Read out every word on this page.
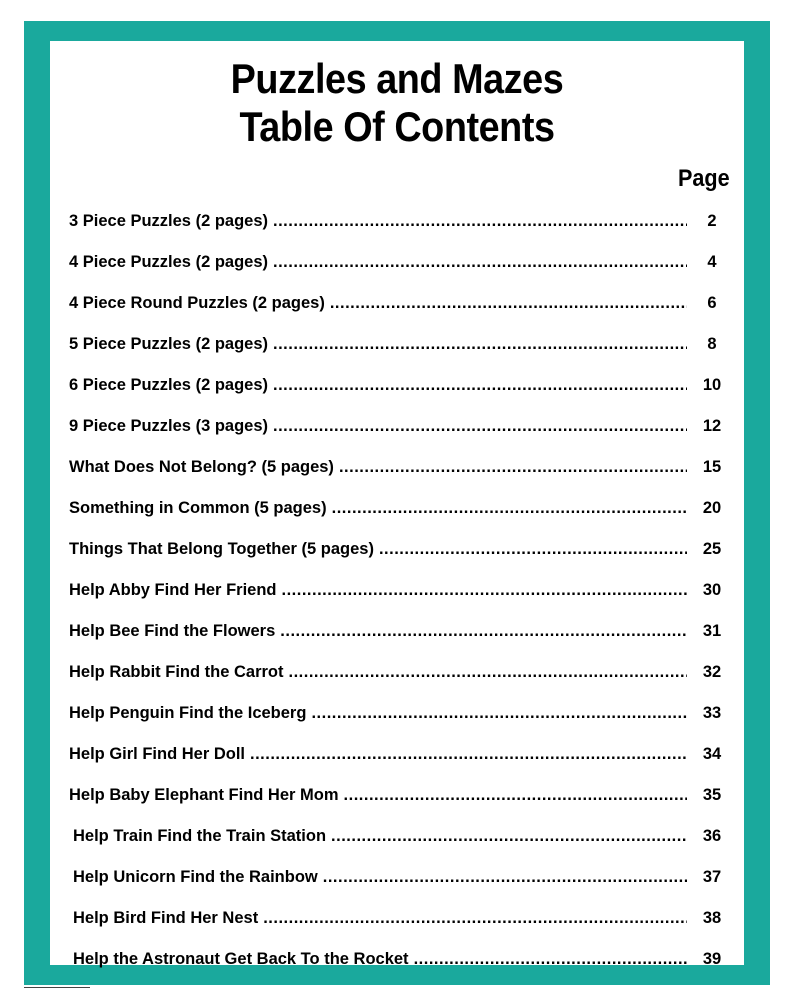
Puzzles and Mazes
Table Of Contents
Page
3 Piece Puzzles (2 pages) .....	2
4 Piece Puzzles (2 pages) .....	4
4 Piece Round Puzzles (2 pages) .....	6
5 Piece Puzzles (2 pages) .....	8
6 Piece Puzzles (2 pages) .....	10
9 Piece Puzzles (3 pages) .....	12
What Does Not Belong? (5 pages) .....	15
Something in Common (5 pages) .....	20
Things That Belong Together (5 pages) .....	25
Help Abby Find Her Friend .....	30
Help Bee Find the Flowers .....	31
Help Rabbit Find the Carrot .....	32
Help Penguin Find the Iceberg .....	33
Help Girl Find Her Doll .....	34
Help Baby Elephant Find Her Mom .....	35
Help Train Find the Train Station .....	36
Help Unicorn Find the Rainbow .....	37
Help Bird Find Her Nest .....	38
Help the Astronaut Get Back To the Rocket .....	39
